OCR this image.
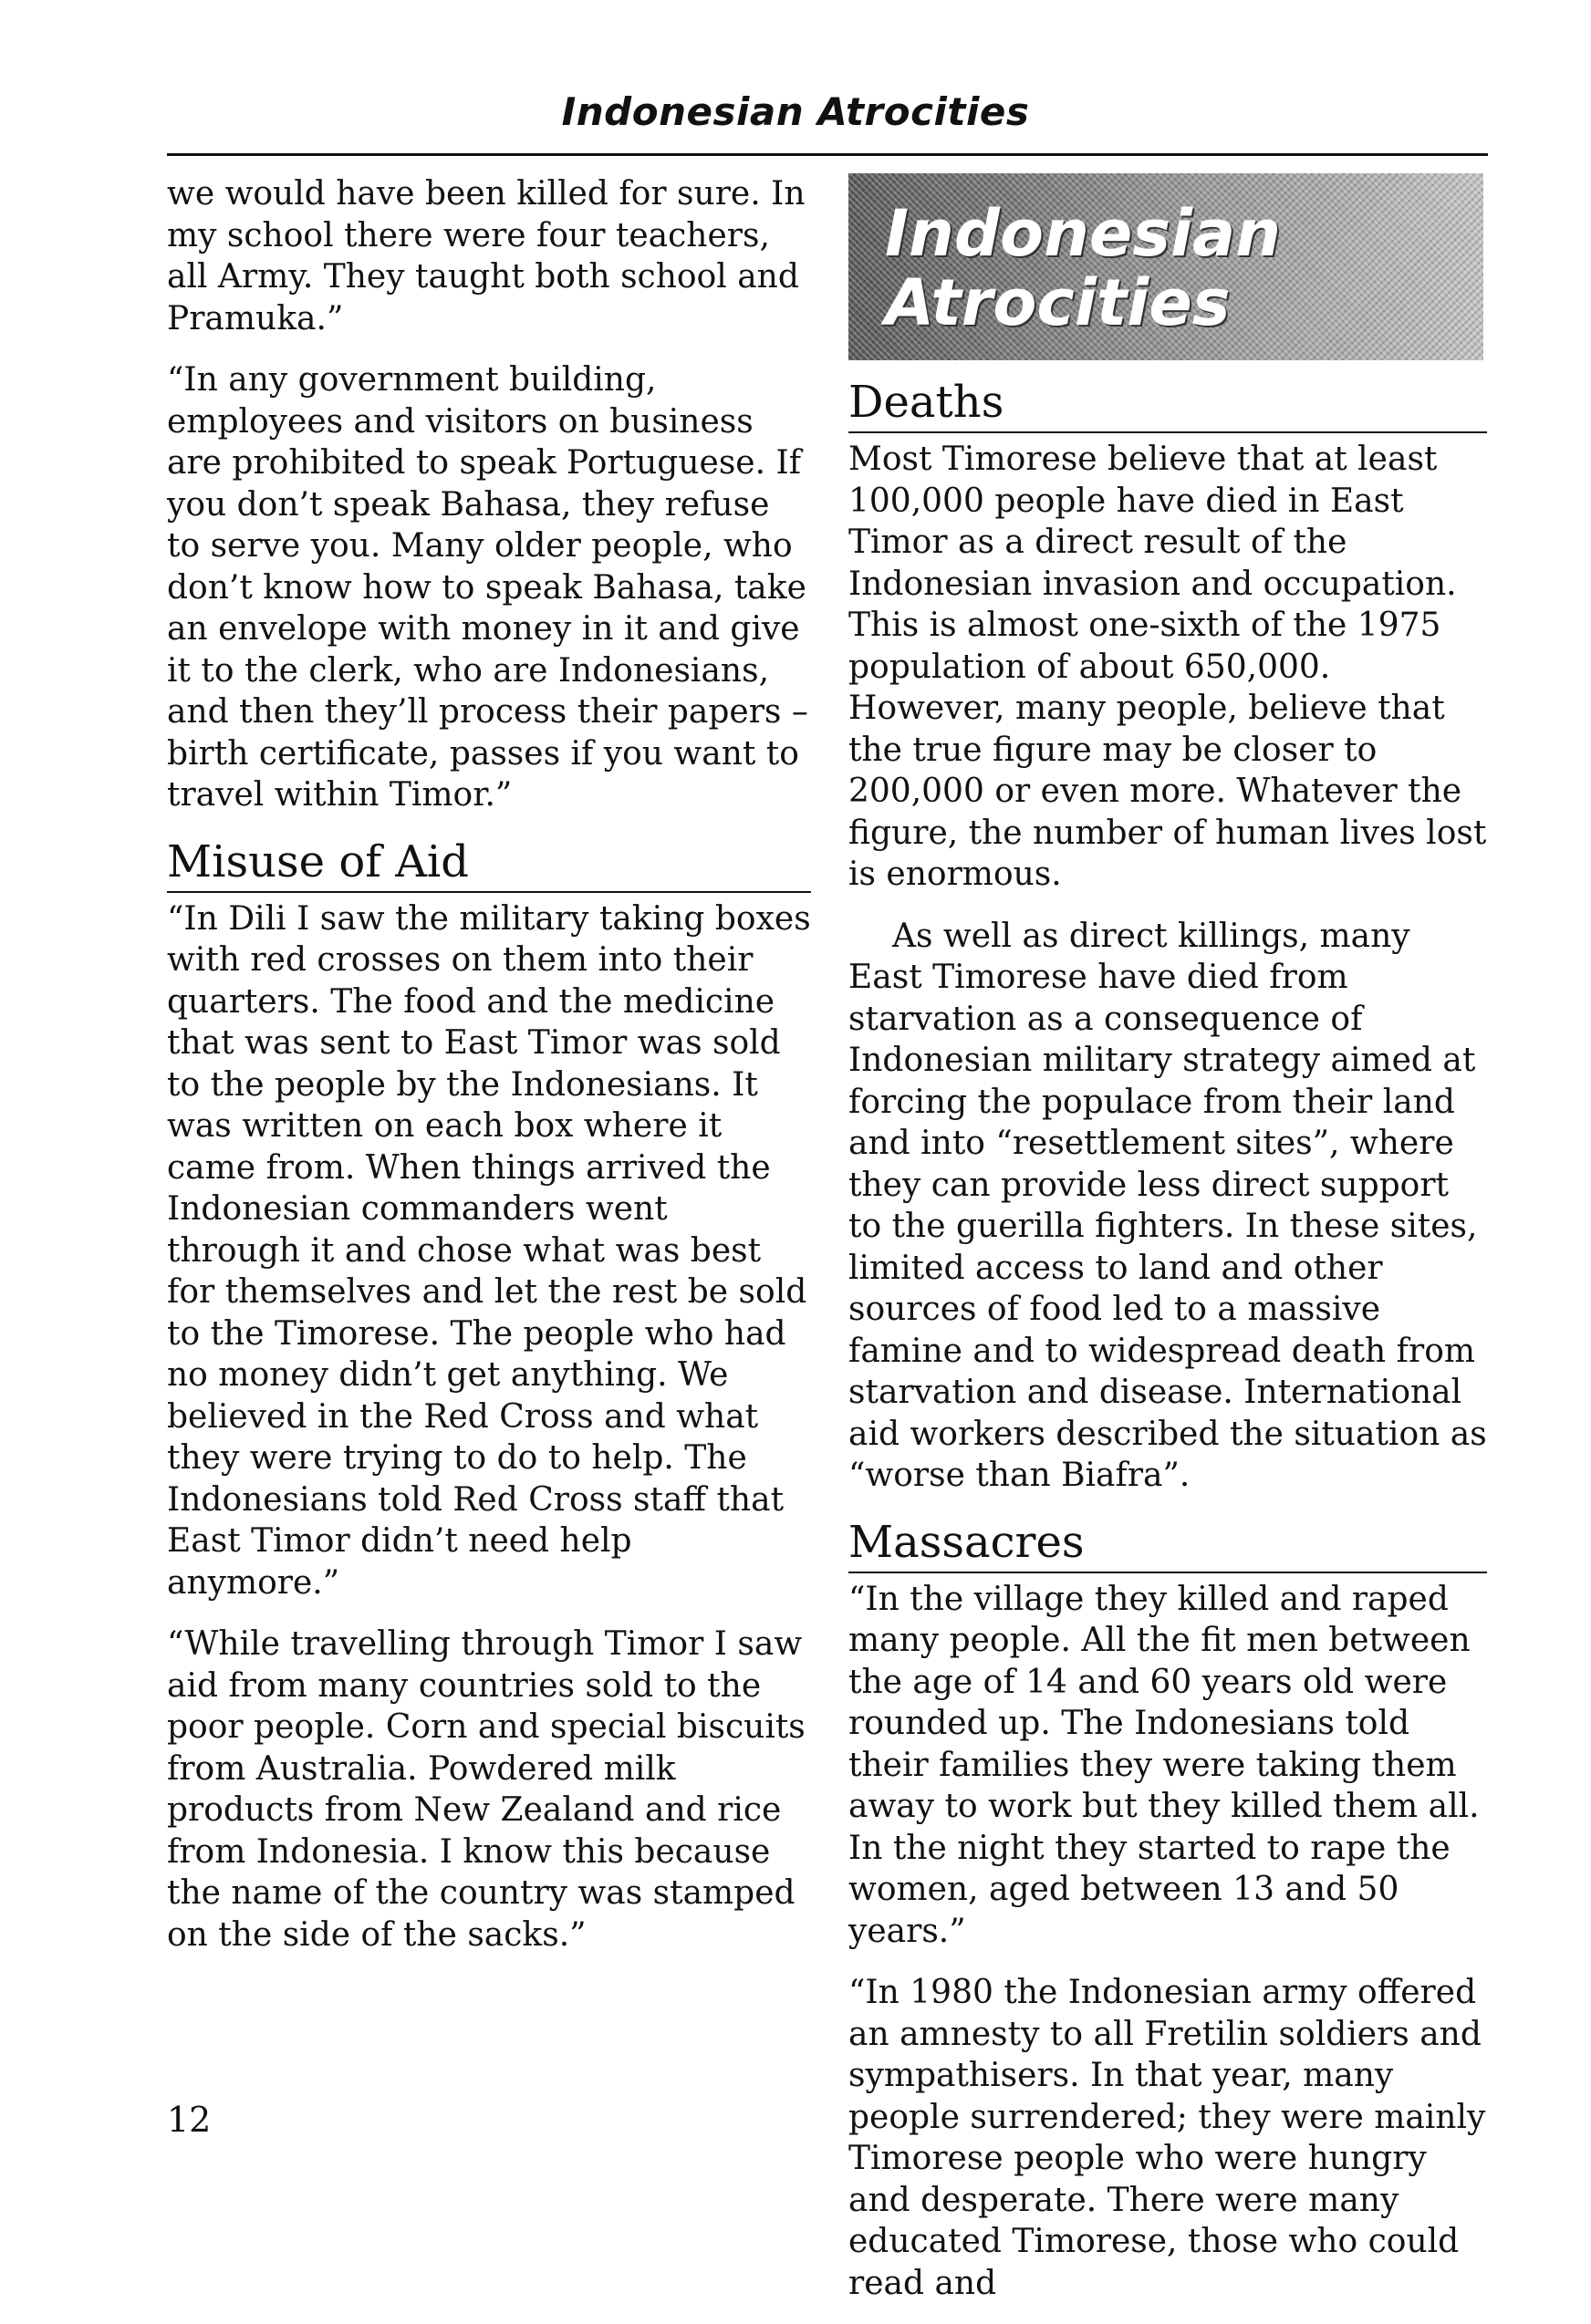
Indonesian Atrocities

we would have been killed for sure. In my school there were four teachers, all Army. They taught both school and Pramuka.”

“In any government building, employees and visitors on business are prohibited to speak Portuguese. If you don’t speak Bahasa, they refuse to serve you. Many older people, who don’t know how to speak Bahasa, take an envelope with money in it and give it to the clerk, who are Indonesians, and then they’ll process their papers – birth certificate, passes if you want to travel within Timor.”

Misuse of Aid

“In Dili I saw the military taking boxes with red crosses on them into their quarters. The food and the medicine that was sent to East Timor was sold to the people by the Indonesians. It was written on each box where it came from. When things arrived the Indonesian commanders went through it and chose what was best for themselves and let the rest be sold to the Timorese. The people who had no money didn’t get anything. We believed in the Red Cross and what they were trying to do to help. The Indonesians told Red Cross staff that East Timor didn’t need help anymore.”

“While travelling through Timor I saw aid from many countries sold to the poor people. Corn and special biscuits from Australia. Powdered milk products from New Zealand and rice from Indonesia. I know this because the name of the country was stamped on the side of the sacks.”

Indonesian
Atrocities
Deaths

Most Timorese believe that at least 100,000 people have died in East Timor as a direct result of the Indonesian invasion and occupation. This is almost one-sixth of the 1975 population of about 650,000. However, many people, believe that the true figure may be closer to 200,000 or even more. Whatever the figure, the number of human lives lost is enormous.

As well as direct killings, many East Timorese have died from starvation as a consequence of Indonesian military strategy aimed at forcing the populace from their land and into “resettlement sites”, where they can provide less direct support to the guerilla fighters. In these sites, limited access to land and other sources of food led to a massive famine and to widespread death from starvation and disease. International aid workers described the situation as “worse than Biafra”.

Massacres

“In the village they killed and raped many people. All the fit men between the age of 14 and 60 years old were rounded up. The Indonesians told their families they were taking them away to work but they killed them all. In the night they started to rape the women, aged between 13 and 50 years.”

“In 1980 the Indonesian army offered an amnesty to all Fretilin soldiers and sympathisers. In that year, many people surrendered; they were mainly Timorese people who were hungry and desperate. There were many educated Timorese, those who could read and

12
